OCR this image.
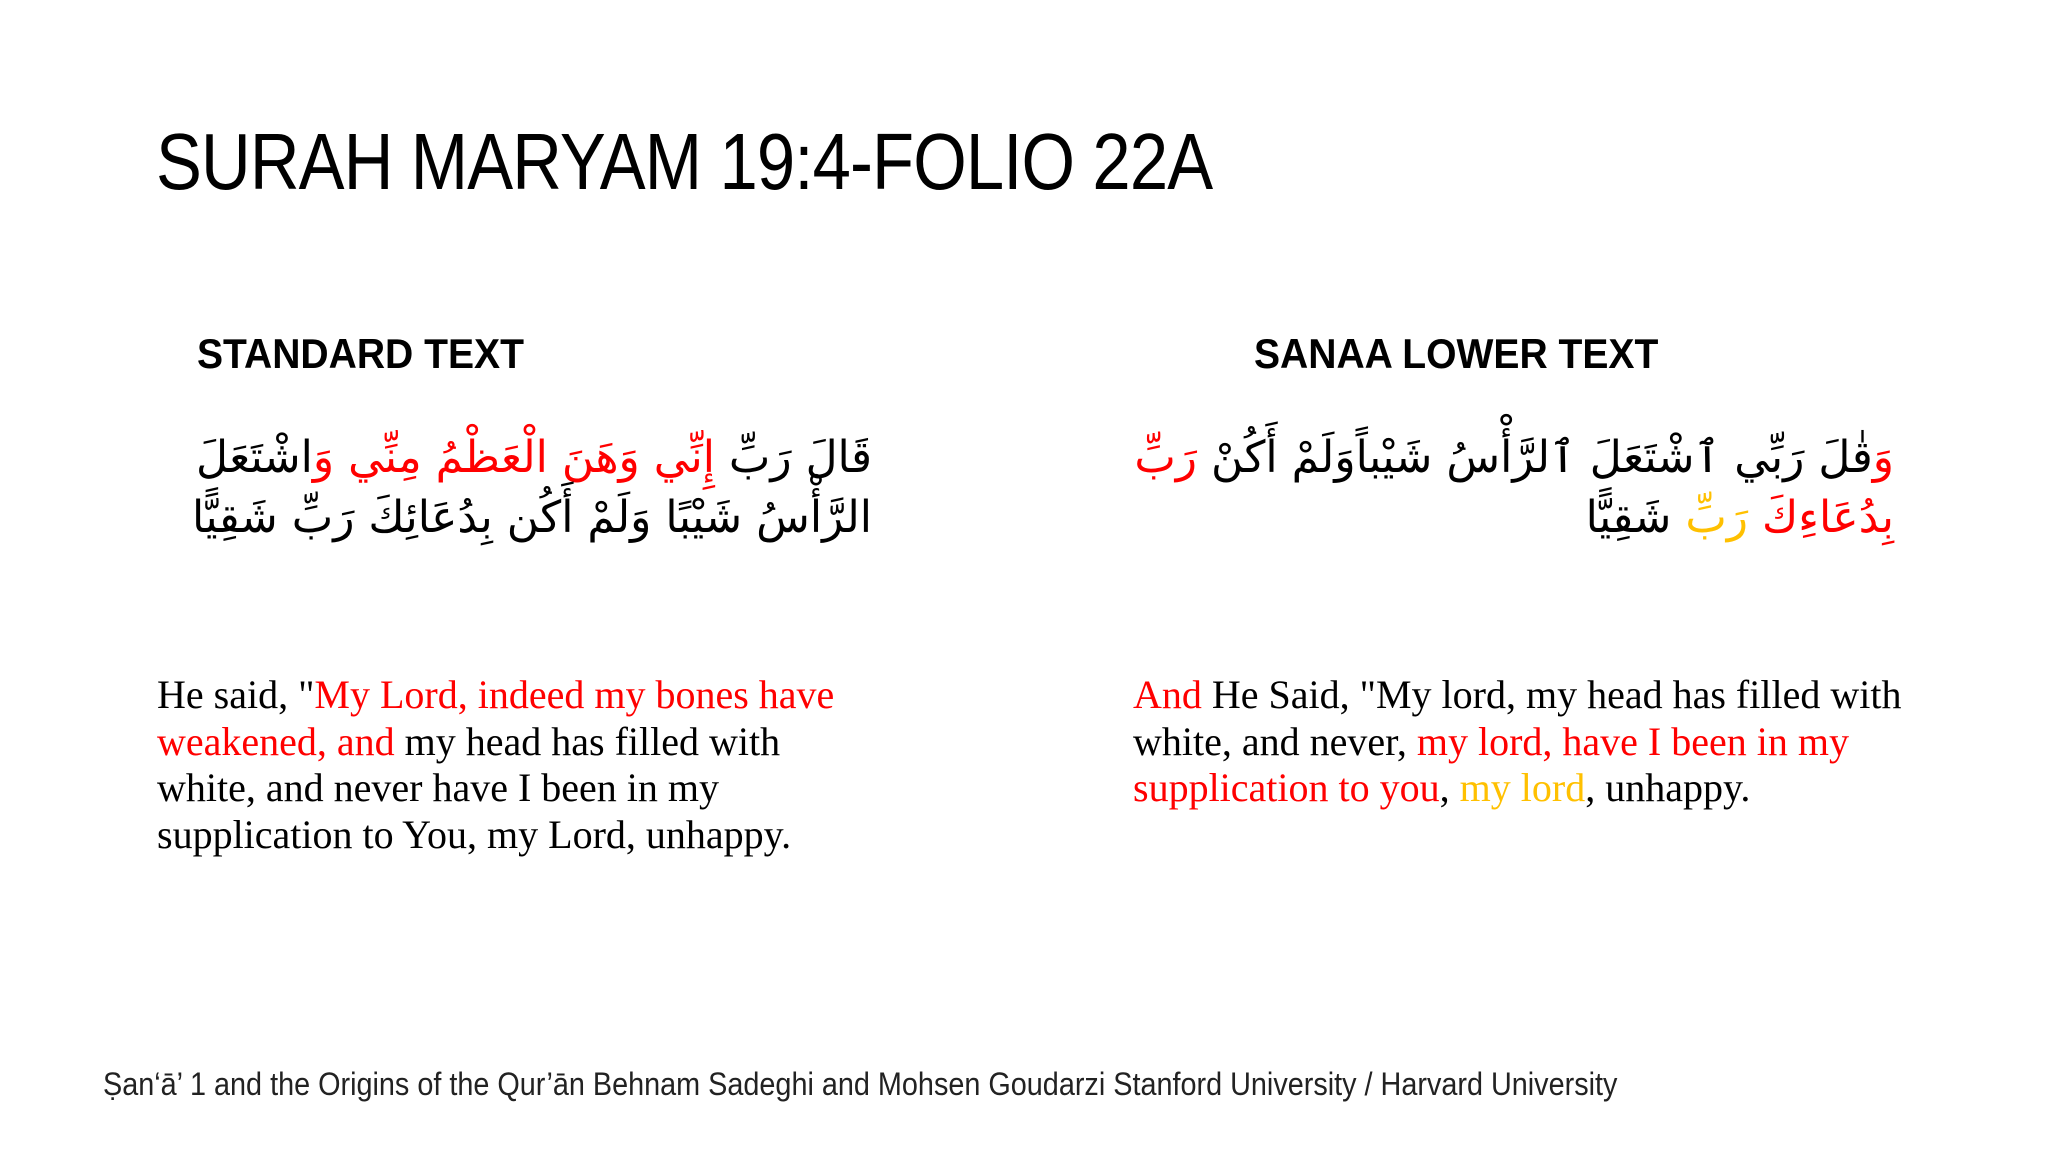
SURAH MARYAM 19:4-FOLIO 22A
STANDARD TEXT	SANAA LOWER TEXT
قَالَ رَبِّ إِنِّي وَهَنَ الْعَظْمُ مِنِّي وَاشْتَعَلَ
الرَّأْسُ شَيْبًا وَلَمْ أَكُن بِدُعَائِكَ رَبِّ شَقِيًّا
وَقٰلَ رَبِّي ٱشْتَعَلَ ٱلرَّأْسُ شَيْباًوَلَمْ أَكُنْ رَبِّ
بِدُعَاءِكَ رَبِّ شَقِيًّا
He said, "My Lord, indeed my bones have weakened, and my head has filled with white, and never have I been in my supplication to You, my Lord, unhappy.
And He Said, "My lord, my head has filled with white, and never, my lord, have I been in my supplication to you, my lord, unhappy.
Ṣan‘ā’ 1 and the Origins of the Qur’ān Behnam Sadeghi and Mohsen Goudarzi Stanford University / Harvard University
